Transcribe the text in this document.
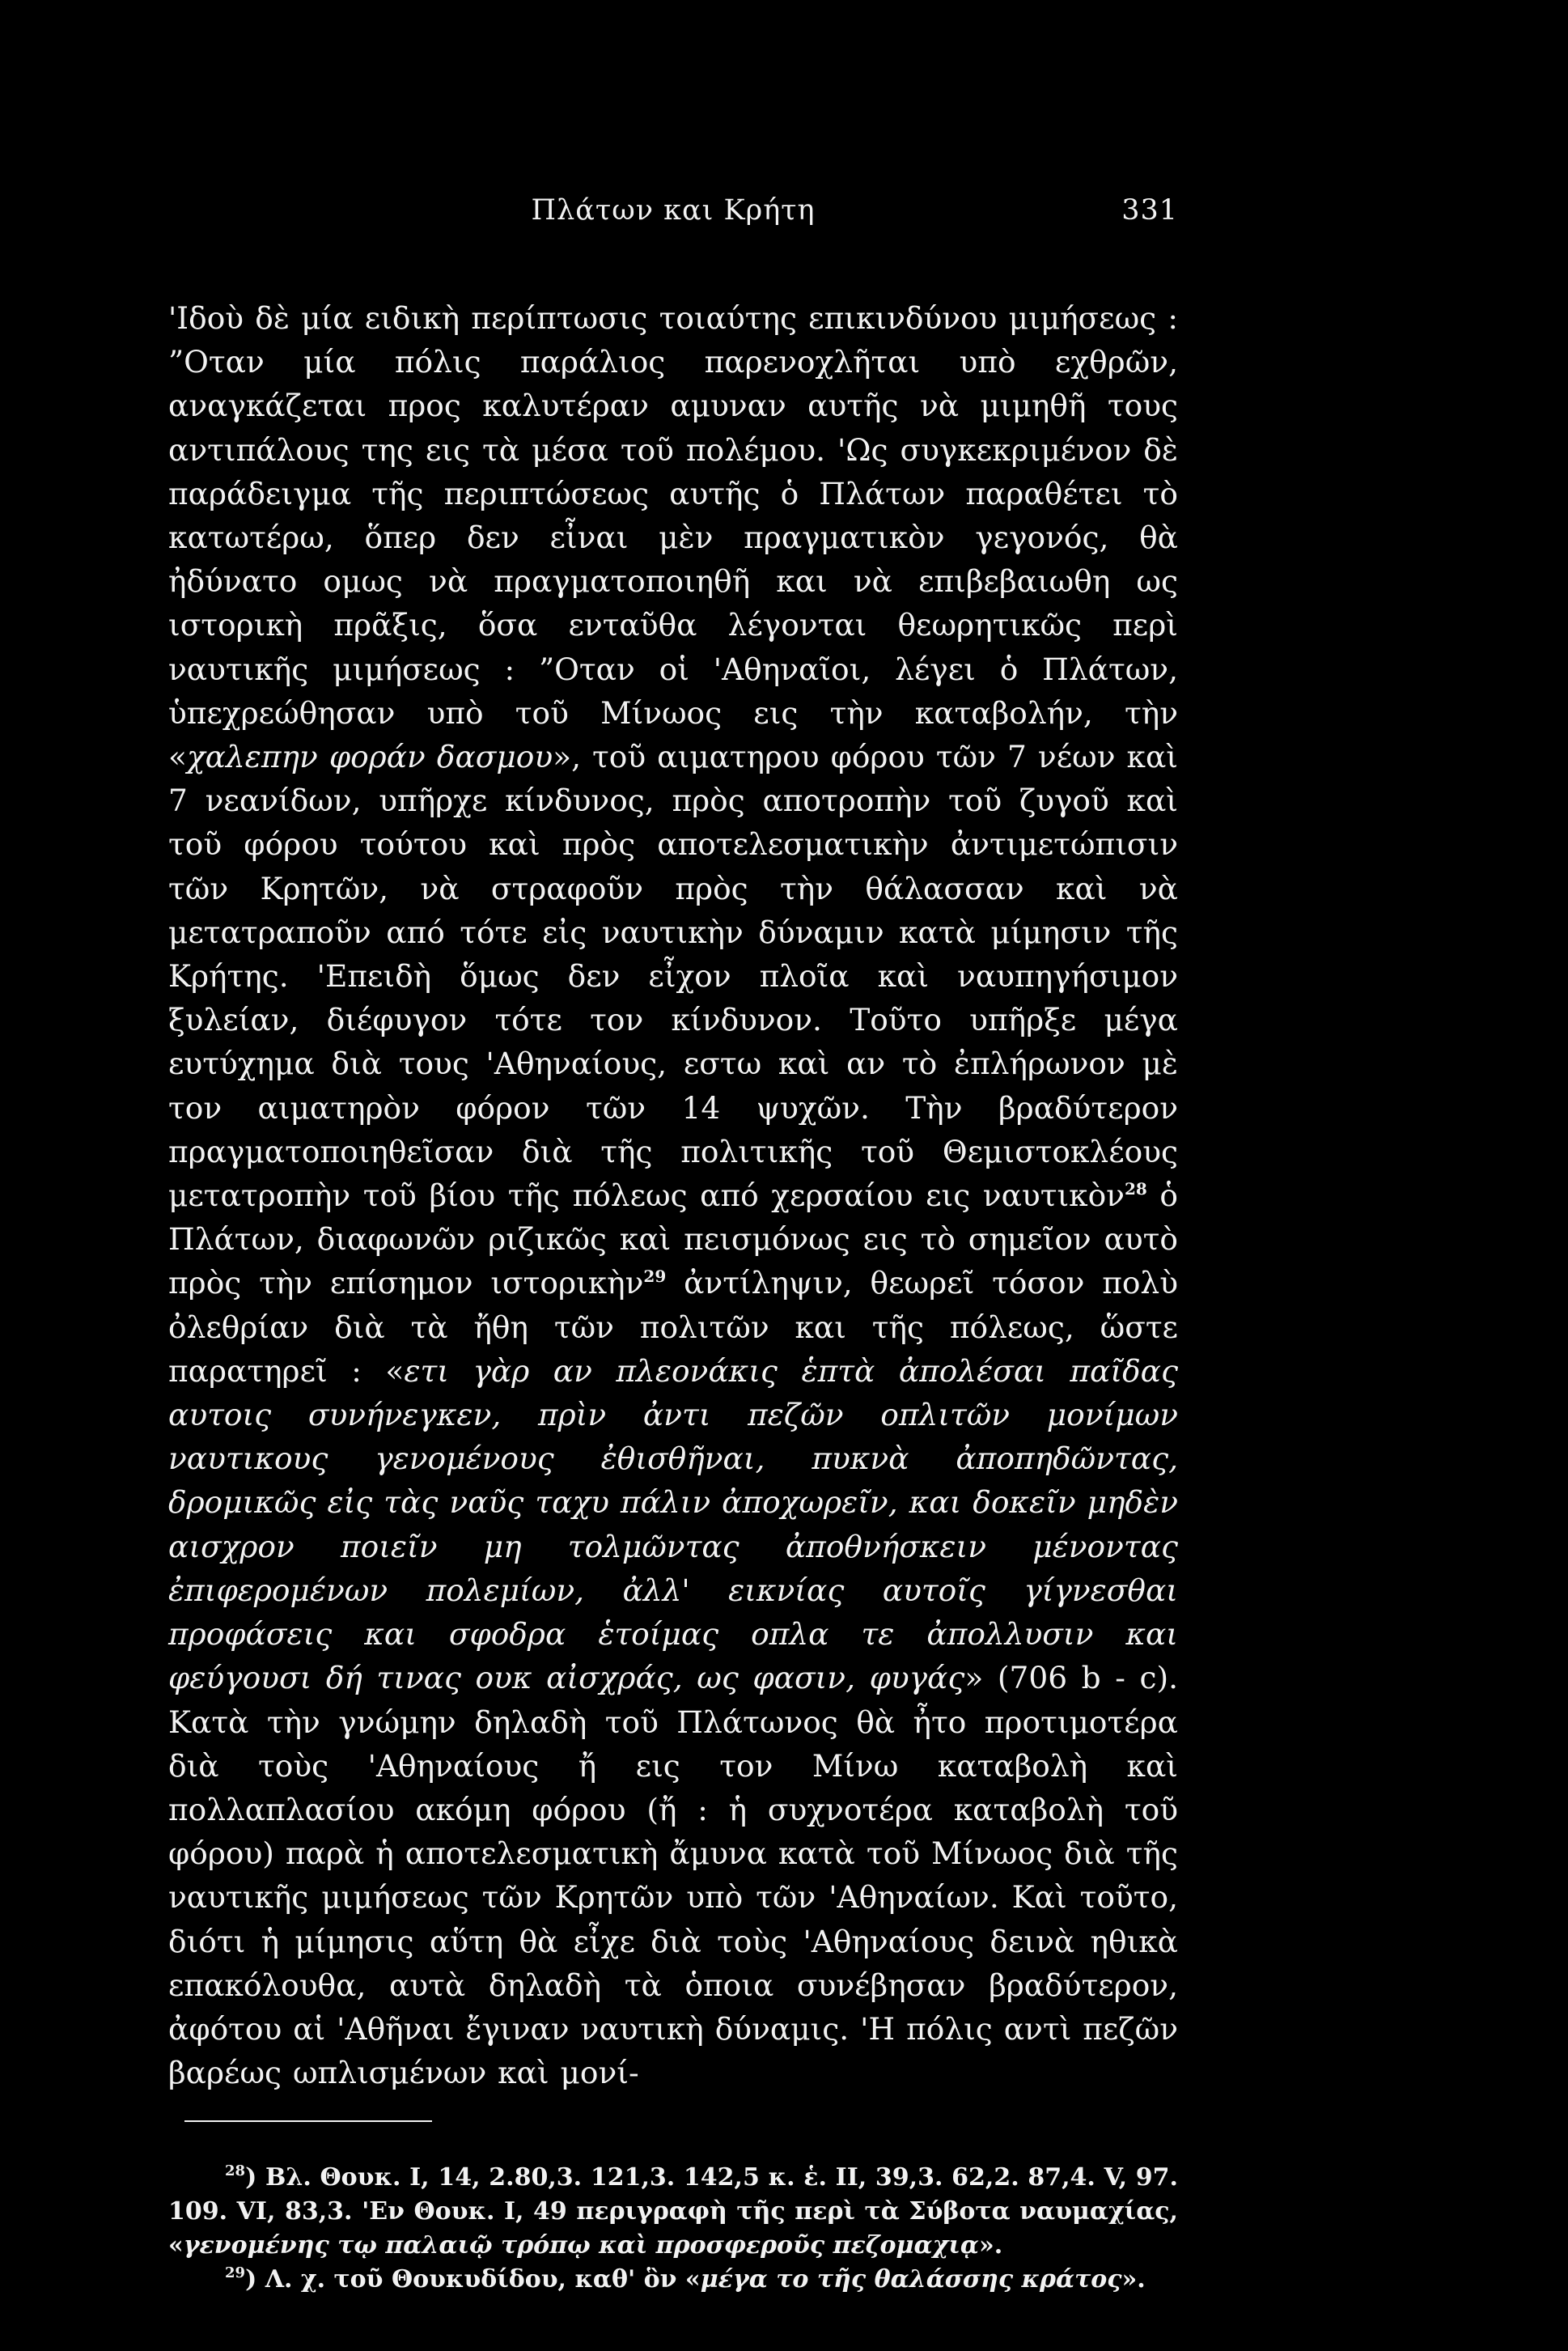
Πλάτων και Κρήτη	331

'Ιδοὺ δὲ μία ειδικὴ περίπτωσις τοιαύτης επικινδύνου μιμήσεως : ”Οταν μία πόλις παράλιος παρενοχλῆται υπὸ εχθρῶν, αναγκάζεται προς καλυτέραν αμυναν αυτῆς νὰ μιμηθῆ τους αντιπάλους της εις τὰ μέσα τοῦ πολέμου. 'Ως συγκεκριμένον δὲ παράδειγμα τῆς περιπτώσεως αυτῆς ὁ Πλάτων παραθέτει τὸ κατωτέρω, ὅπερ δεν εἶναι μὲν πραγματικὸν γεγονός, θὰ ἠδύνατο ομως νὰ πραγματοποιηθῆ και νὰ επιβεβαιωθη ως ιστορικὴ πρᾶξις, ὅσα ενταῦθα λέγονται θεωρητικῶς περὶ ναυτικῆς μιμήσεως : ”Οταν οἱ 'Αθηναῖοι, λέγει ὁ Πλάτων, ὑπεχρεώθησαν υπὸ τοῦ Μίνωος εις τὴν καταβολήν, τὴν «χαλεπην φοράν δασμου», τοῦ αιματηρου φόρου τῶν 7 νέων καὶ 7 νεανίδων, υπῆρχε κίνδυνος, πρὸς αποτροπὴν τοῦ ζυγοῦ καὶ τοῦ φόρου τούτου καὶ πρὸς αποτελεσματικὴν ἀντιμετώπισιν τῶν Κρητῶν, νὰ στραφοῦν πρὸς τὴν θάλασσαν καὶ νὰ μετατραποῦν από τότε εἰς ναυτικὴν δύναμιν κατὰ μίμησιν τῆς Κρήτης. 'Επειδὴ ὅμως δεν εἶχον πλοῖα καὶ ναυπηγήσιμον ξυλείαν, διέφυγον τότε τον κίνδυνον. Τοῦτο υπῆρξε μέγα ευτύχημα διὰ τους 'Αθηναίους, εστω καὶ αν τὸ ἐπλήρωνον μὲ τον αιματηρὸν φόρον τῶν 14 ψυχῶν. Τὴν βραδύτερον πραγματοποιηθεῖσαν διὰ τῆς πολιτικῆς τοῦ Θεμιστοκλέους μετατροπὴν τοῦ βίου τῆς πόλεως από χερσαίου εις ναυτικὸν$^{28}$ ὁ Πλάτων, διαφωνῶν ριζικῶς καὶ πεισμόνως εις τὸ σημεῖον αυτὸ πρὸς τὴν επίσημον ιστορικὴν$^{29}$ ἀντίληψιν, θεωρεῖ τόσον πολὺ ὀλεθρίαν διὰ τὰ ἤθη τῶν πολιτῶν και τῆς πόλεως, ὥστε παρατηρεῖ : «ετι γὰρ αν πλεονάκις ἑπτὰ ἀπολέσαι παῖδας αυτοις συνήνεγκεν, πρὶν ἀντι πεζῶν οπλιτῶν μονίμων ναυτικους γενομένους ἐθισθῆναι, πυκνὰ ἀποπηδῶντας, δρομικῶς εἰς τὰς ναῦς ταχυ πάλιν ἀποχωρεῖν, και δοκεῖν μηδὲν αισχρον ποιεῖν μη τολμῶντας ἀποθνήσκειν μένοντας ἐπιφερομένων πολεμίων, ἀλλ' εικνίας αυτοῖς γίγνεσθαι προφάσεις και σφοδρα ἑτοίμας οπλα τε ἀπολλυσιν και φεύγουσι δή τινας ουκ αἰσχράς, ως φασιν, φυγάς» (706 b - c). Κατὰ τὴν γνώμην δηλαδὴ τοῦ Πλάτωνος θὰ ἦτο προτιμοτέρα διὰ τοὺς 'Αθηναίους ἤ εις τον Μίνω καταβολὴ καὶ πολλαπλασίου ακόμη φόρου (ἤ : ἡ συχνοτέρα καταβολὴ τοῦ φόρου) παρὰ ἡ αποτελεσματικὴ ἄμυνα κατὰ τοῦ Μίνωος διὰ τῆς ναυτικῆς μιμήσεως τῶν Κρητῶν υπὸ τῶν 'Αθηναίων. Καὶ τοῦτο, διότι ἡ μίμησις αὕτη θὰ εἶχε διὰ τοὺς 'Αθηναίους δεινὰ ηθικὰ επακόλουθα, αυτὰ δηλαδὴ τὰ ὁποια συνέβησαν βραδύτερον, ἀφότου αἱ 'Αθῆναι ἔγιναν ναυτικὴ δύναμις. 'Η πόλις αντὶ πεζῶν βαρέως ωπλισμένων καὶ μονί-

$^{28}$) Βλ. Θουκ. I, 14, 2.80,3. 121,3. 142,5 κ. ἑ. II, 39,3. 62,2. 87,4. V, 97. 109. VI, 83,3. 'Εν Θουκ. I, 49 περιγραφὴ τῆς περὶ τὰ Σύβοτα ναυμαχίας, «γενομένης τῳ παλαιῷ τρόπῳ καὶ προσφεροῦς πεζομαχιᾳ».

$^{29}$) Λ. χ. τοῦ Θουκυδίδου, καθ' ὃν «μέγα το τῆς θαλάσσης κράτος».
